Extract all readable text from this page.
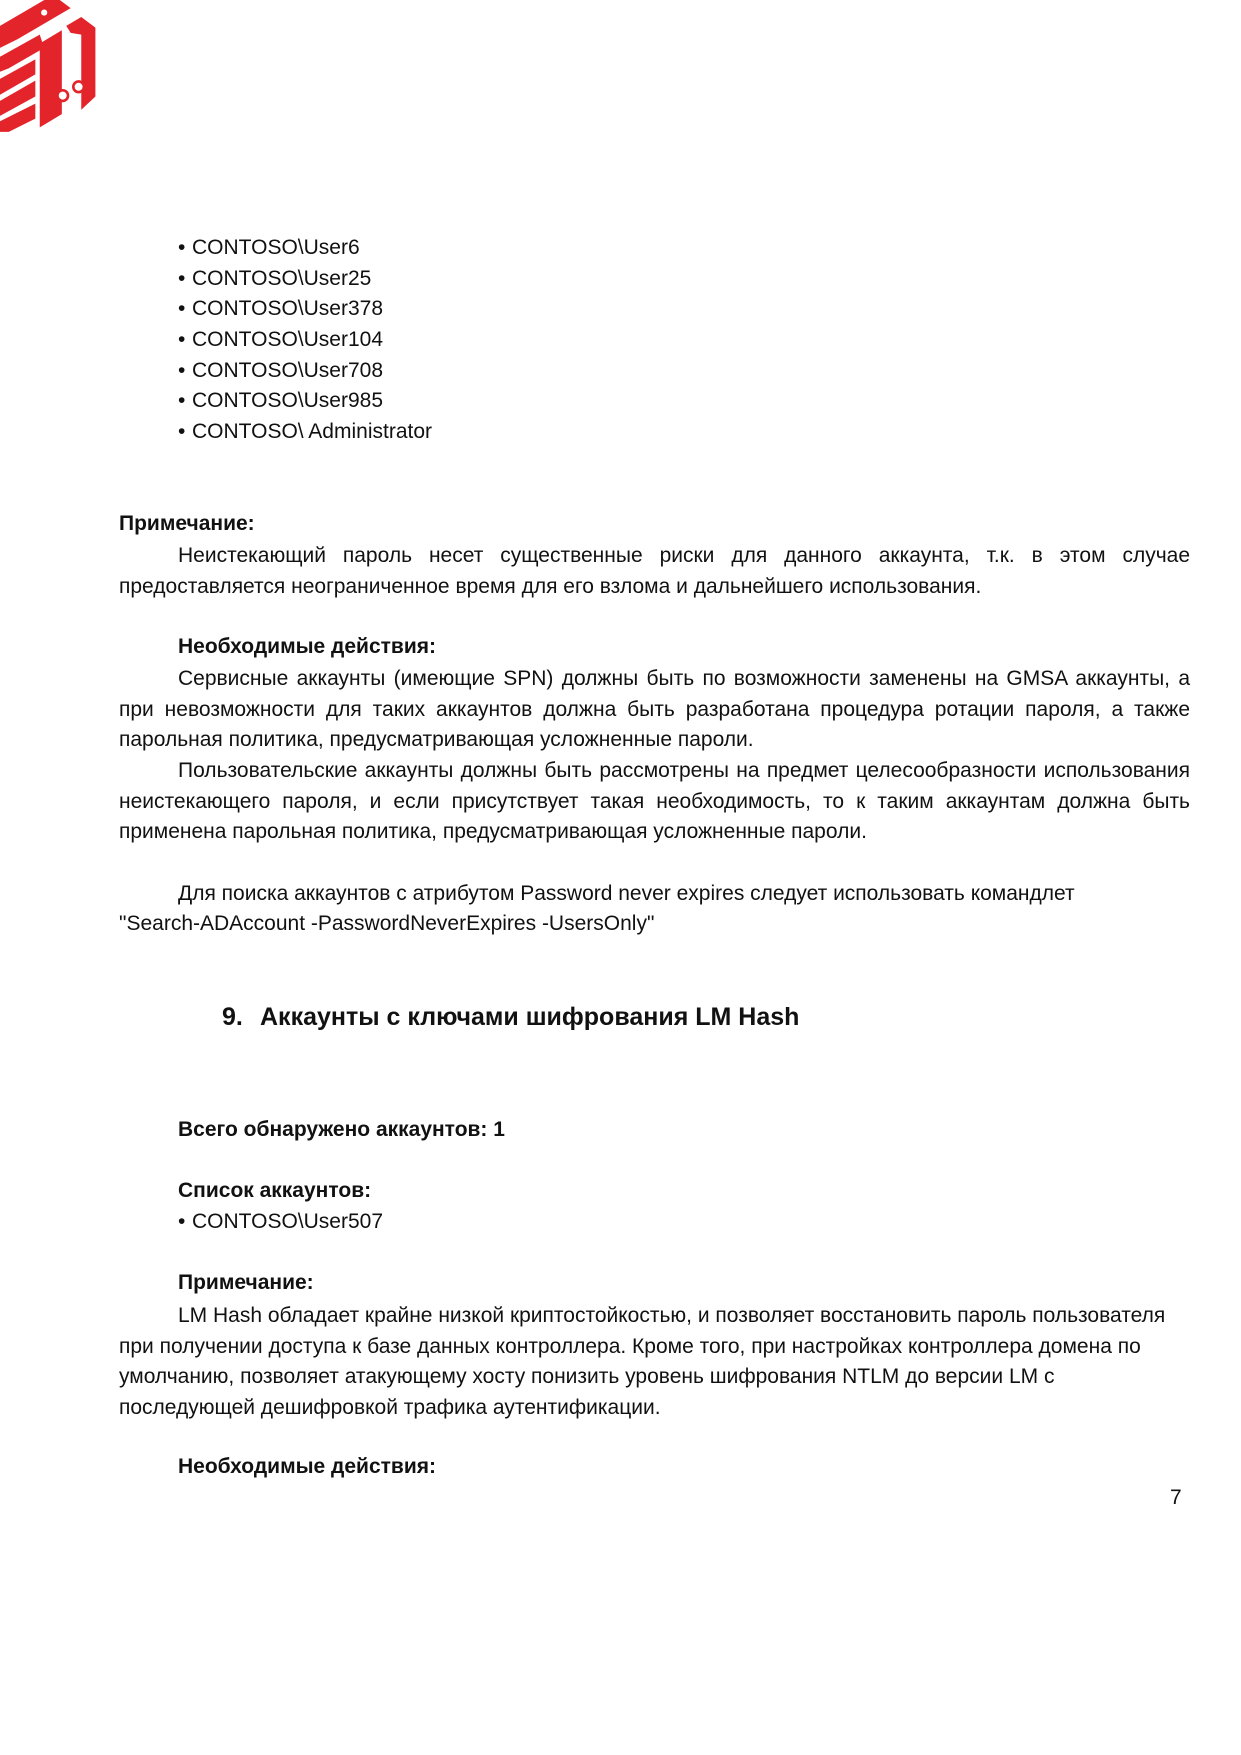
• CONTOSO\User6
• CONTOSO\User25
• CONTOSO\User378
• CONTOSO\User104
• CONTOSO\User708
• CONTOSO\User985
• CONTOSO\ Administrator
Примечание:

Неистекающий пароль несет существенные риски для данного аккаунта, т.к. в этом случае предоставляется неограниченное время для его взлома и дальнейшего использования.

Необходимые действия:

Сервисные аккаунты (имеющие SPN) должны быть по возможности заменены на GMSA аккаунты, а при невозможности для таких аккаунтов должна быть разработана процедура ротации пароля, а также парольная политика, предусматривающая усложненные пароли.

Пользовательские аккаунты должны быть рассмотрены на предмет целесообразности использования неистекающего пароля, и если присутствует такая необходимость, то к таким аккаунтам должна быть применена парольная политика, предусматривающая усложненные пароли.

Для поиска аккаунтов с атрибутом Password never expires следует использовать командлет

"Search-ADAccount -PasswordNeverExpires -UsersOnly"
9. Аккаунты с ключами шифрования LM Hash
Всего обнаружено аккаунтов: 1
Список аккаунтов:
• CONTOSO\User507
Примечание:

LM Hash обладает крайне низкой криптостойкостью, и позволяет восстановить пароль пользователя при получении доступа к базе данных контроллера. Кроме того, при настройках контроллера домена по умолчанию, позволяет атакующему хосту понизить уровень шифрования NTLM до версии LM с последующей дешифровкой трафика аутентификации.

Необходимые действия:
7
